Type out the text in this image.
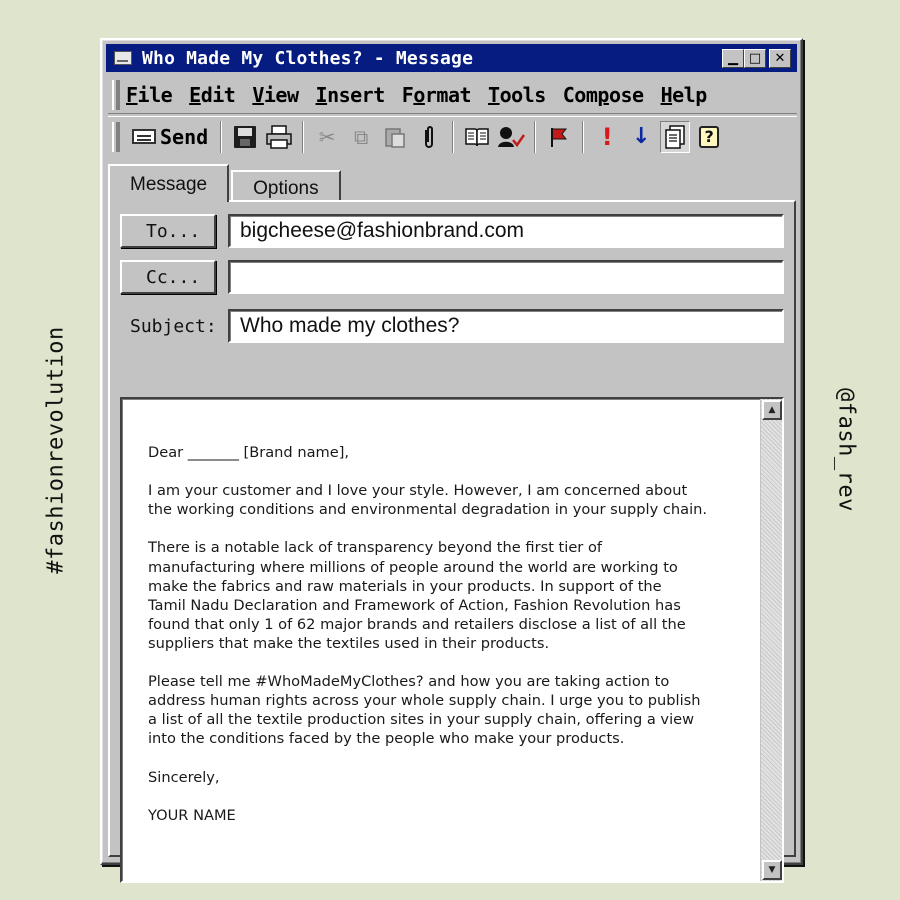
#fashionrevolution	@fash_rev
Who Made My Clothes? - Message	▁ □	✕
File Edit View Insert Format Tools Compose Help
Send	✂ ⧉	! ↓	?
Message	Options
To...	bigcheese@fashionbrand.com
Cc...
Subject:	Who made my clothes?

Dear _______ [Brand name],

I am your customer and I love your style. However, I am concerned about
the working conditions and environmental degradation in your supply chain.

There is a notable lack of transparency beyond the first tier of
manufacturing where millions of people around the world are working to
make the fabrics and raw materials in your products. In support of the
Tamil Nadu Declaration and Framework of Action, Fashion Revolution has
found that only 1 of 62 major brands and retailers disclose a list of all the
suppliers that make the textiles used in their products.

Please tell me #WhoMadeMyClothes? and how you are taking action to
address human rights across your whole supply chain. I urge you to publish
a list of all the textile production sites in your supply chain, offering a view
into the conditions faced by the people who make your products.

Sincerely,

YOUR NAME

▲
▼
